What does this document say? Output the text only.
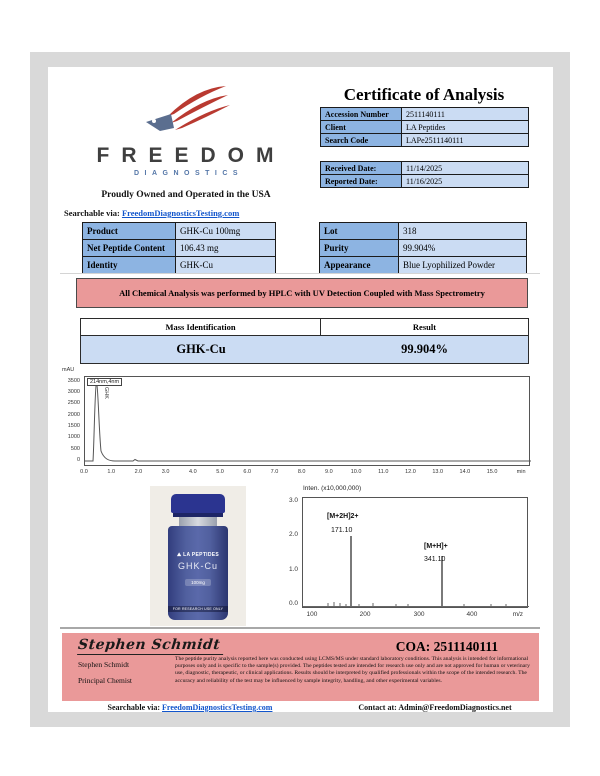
FREEDOM
DIAGNOSTICS
Proudly Owned and Operated in the USA
Searchable via: FreedomDiagnosticsTesting.com
Certificate of Analysis
Accession Number	2511140111
Client	LA Peptides
Search Code	LAPe2511140111
Received Date:	11/14/2025
Reported Date:	11/16/2025
Product	GHK-Cu 100mg
Net Peptide Content	106.43 mg
Identity	GHK-Cu
Lot	318
Purity	99.904%
Appearance	Blue Lyophilized Powder
All Chemical Analysis was performed by HPLC with UV Detection Coupled with Mass Spectrometry
Mass Identification	Result
GHK-Cu	99.904%
mAU
3500
3000
2500
2000
1500
1000
500
0
214nm,4nm
GHK
0.0	1.0	2.0	3.0	4.0	5.0	6.0	7.0	8.0	9.0	10.0	11.0	12.0	13.0	14.0	15.0	min
⛰ LA PEPTIDES
GHK-Cu
100mg
FOR RESEARCH USE ONLY
Inten. (x10,000,000)
3.0
2.0
1.0
0.0
[M+2H]2+
171.10
[M+H]+
341.10
100	200	300	400	m/z
Stephen Schmidt	COA: 2511140111
Stephen Schmidt
Principal Chemist
The peptide purity analysis reported here was conducted using LCMS/MS under standard laboratory conditions. This analysis is intended for informational purposes only and is specific to the sample(s) provided. The peptides tested are intended for research use only and are not approved for human or veterinary use, diagnostic, therapeutic, or clinical applications. Results should be interpreted by qualified professionals within the scope of the intended research. The accuracy and reliability of the test may be influenced by sample integrity, handling, and other experimental variables.
Searchable via: FreedomDiagnosticsTesting.com	Contact at: Admin@FreedomDiagnostics.net
